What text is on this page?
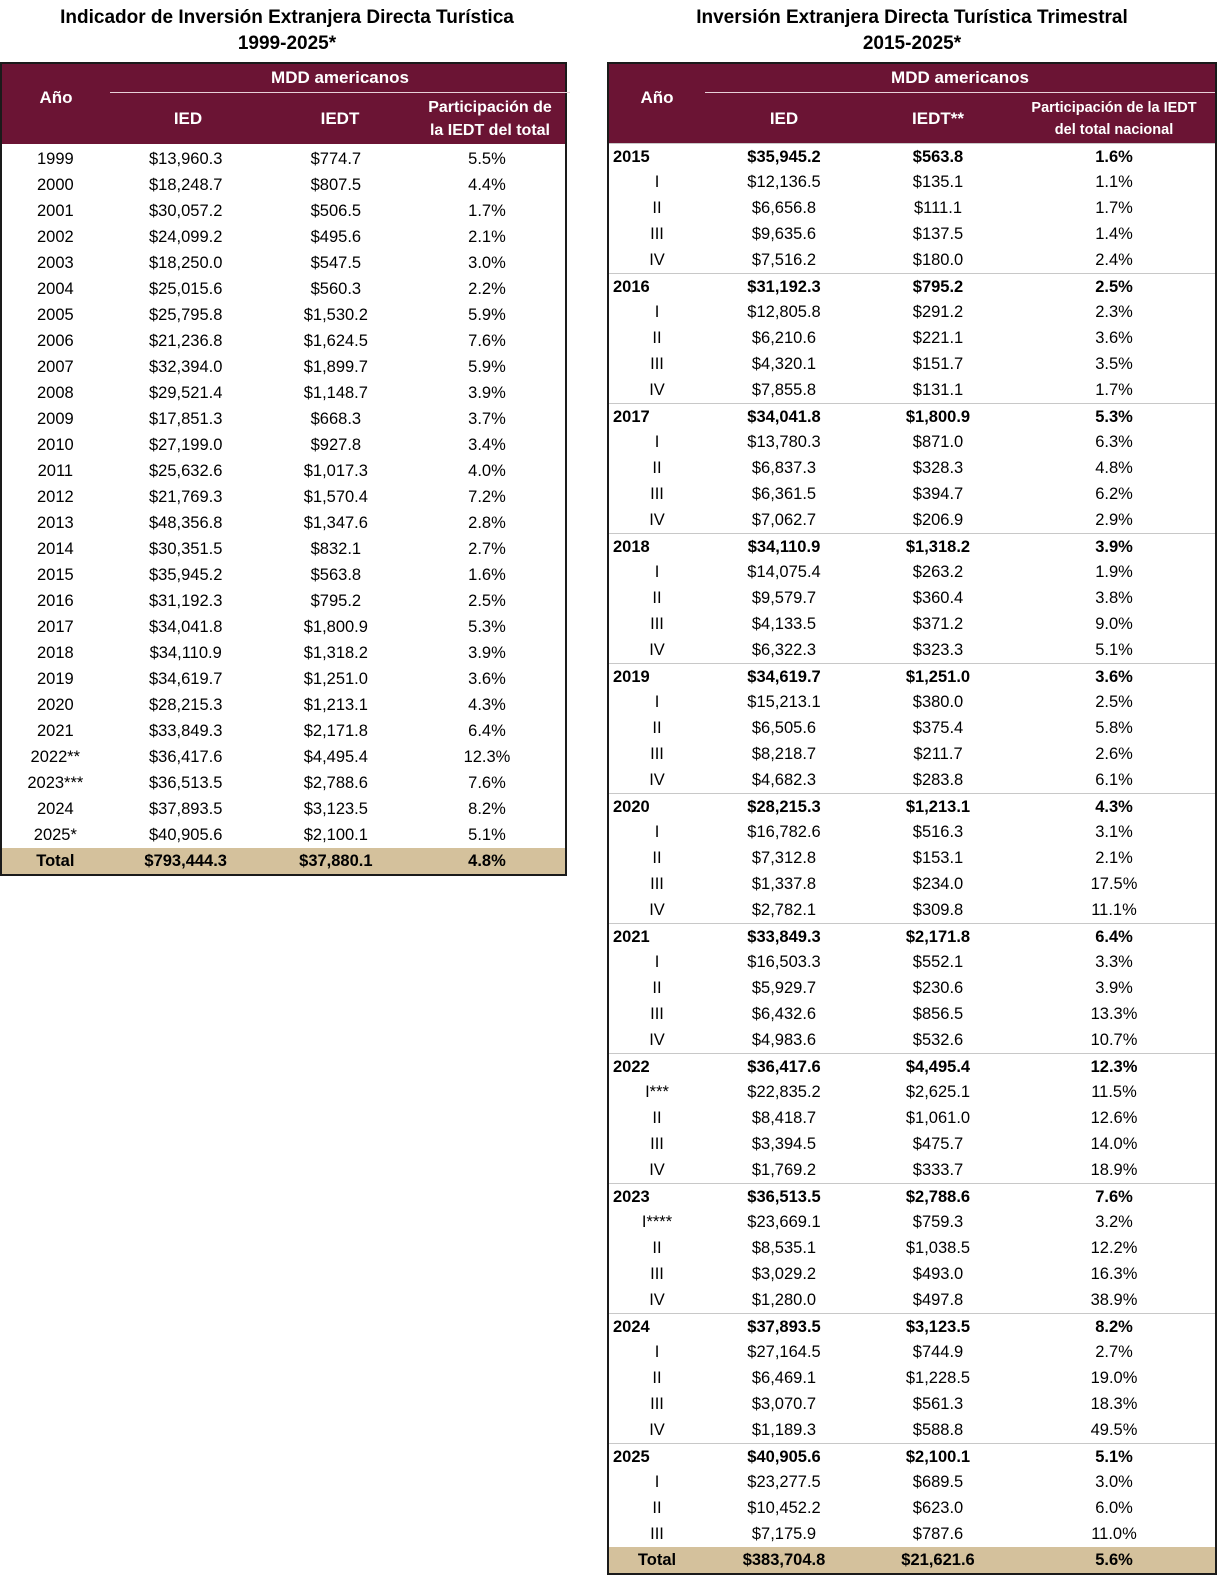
Indicador de Inversión Extranjera Directa Turística
1999-2025*
Año
MDD americanos
IED	IEDT
Participación de
la IEDT del total
1999	$13,960.3	$774.7	5.5%
2000	$18,248.7	$807.5	4.4%
2001	$30,057.2	$506.5	1.7%
2002	$24,099.2	$495.6	2.1%
2003	$18,250.0	$547.5	3.0%
2004	$25,015.6	$560.3	2.2%
2005	$25,795.8	$1,530.2	5.9%
2006	$21,236.8	$1,624.5	7.6%
2007	$32,394.0	$1,899.7	5.9%
2008	$29,521.4	$1,148.7	3.9%
2009	$17,851.3	$668.3	3.7%
2010	$27,199.0	$927.8	3.4%
2011	$25,632.6	$1,017.3	4.0%
2012	$21,769.3	$1,570.4	7.2%
2013	$48,356.8	$1,347.6	2.8%
2014	$30,351.5	$832.1	2.7%
2015	$35,945.2	$563.8	1.6%
2016	$31,192.3	$795.2	2.5%
2017	$34,041.8	$1,800.9	5.3%
2018	$34,110.9	$1,318.2	3.9%
2019	$34,619.7	$1,251.0	3.6%
2020	$28,215.3	$1,213.1	4.3%
2021	$33,849.3	$2,171.8	6.4%
2022**	$36,417.6	$4,495.4	12.3%
2023***	$36,513.5	$2,788.6	7.6%
2024	$37,893.5	$3,123.5	8.2%
2025*	$40,905.6	$2,100.1	5.1%
Total	$793,444.3	$37,880.1	4.8%
Inversión Extranjera Directa Turística Trimestral
2015-2025*
Año
MDD americanos
IED	IEDT**
Participación de la IEDT
del total nacional
2015	$35,945.2	$563.8	1.6%
I	$12,136.5	$135.1	1.1%
II	$6,656.8	$111.1	1.7%
III	$9,635.6	$137.5	1.4%
IV	$7,516.2	$180.0	2.4%
2016	$31,192.3	$795.2	2.5%
I	$12,805.8	$291.2	2.3%
II	$6,210.6	$221.1	3.6%
III	$4,320.1	$151.7	3.5%
IV	$7,855.8	$131.1	1.7%
2017	$34,041.8	$1,800.9	5.3%
I	$13,780.3	$871.0	6.3%
II	$6,837.3	$328.3	4.8%
III	$6,361.5	$394.7	6.2%
IV	$7,062.7	$206.9	2.9%
2018	$34,110.9	$1,318.2	3.9%
I	$14,075.4	$263.2	1.9%
II	$9,579.7	$360.4	3.8%
III	$4,133.5	$371.2	9.0%
IV	$6,322.3	$323.3	5.1%
2019	$34,619.7	$1,251.0	3.6%
I	$15,213.1	$380.0	2.5%
II	$6,505.6	$375.4	5.8%
III	$8,218.7	$211.7	2.6%
IV	$4,682.3	$283.8	6.1%
2020	$28,215.3	$1,213.1	4.3%
I	$16,782.6	$516.3	3.1%
II	$7,312.8	$153.1	2.1%
III	$1,337.8	$234.0	17.5%
IV	$2,782.1	$309.8	11.1%
2021	$33,849.3	$2,171.8	6.4%
I	$16,503.3	$552.1	3.3%
II	$5,929.7	$230.6	3.9%
III	$6,432.6	$856.5	13.3%
IV	$4,983.6	$532.6	10.7%
2022	$36,417.6	$4,495.4	12.3%
I***	$22,835.2	$2,625.1	11.5%
II	$8,418.7	$1,061.0	12.6%
III	$3,394.5	$475.7	14.0%
IV	$1,769.2	$333.7	18.9%
2023	$36,513.5	$2,788.6	7.6%
I****	$23,669.1	$759.3	3.2%
II	$8,535.1	$1,038.5	12.2%
III	$3,029.2	$493.0	16.3%
IV	$1,280.0	$497.8	38.9%
2024	$37,893.5	$3,123.5	8.2%
I	$27,164.5	$744.9	2.7%
II	$6,469.1	$1,228.5	19.0%
III	$3,070.7	$561.3	18.3%
IV	$1,189.3	$588.8	49.5%
2025	$40,905.6	$2,100.1	5.1%
I	$23,277.5	$689.5	3.0%
II	$10,452.2	$623.0	6.0%
III	$7,175.9	$787.6	11.0%
Total	$383,704.8	$21,621.6	5.6%
